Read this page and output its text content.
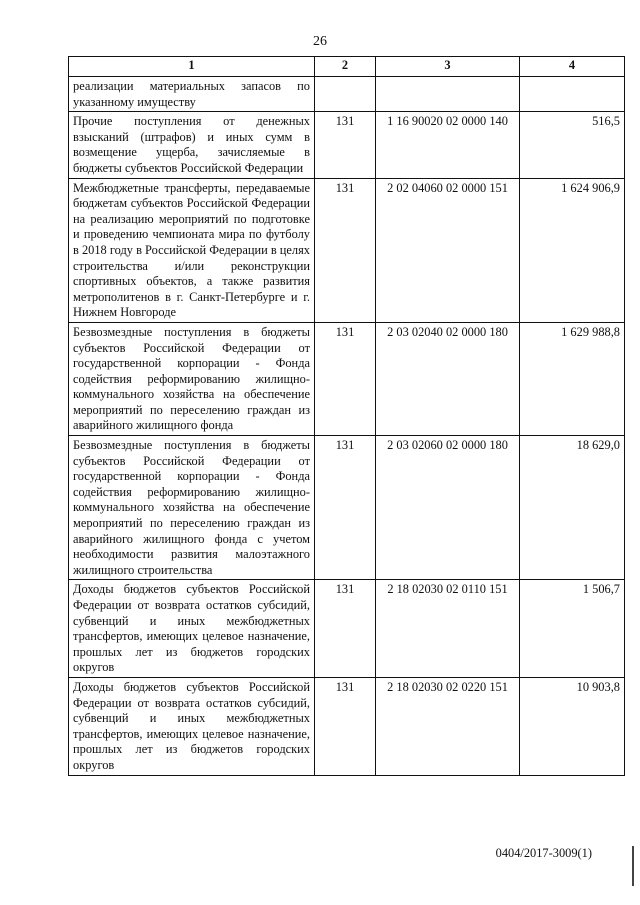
26
1	2	3	4
реализации материальных запасов по указанному имуществу			
Прочие поступления от денежных взысканий (штрафов) и иных сумм в возмещение ущерба, зачисляемые в бюджеты субъектов Российской Федерации	131	1 16 90020 02 0000 140	516,5
Межбюджетные трансферты, передаваемые бюджетам субъектов Российской Федерации на реализацию мероприятий по подготовке и проведению чемпионата мира по футболу в 2018 году в Российской Федерации в целях строительства и/или реконструкции спортивных объектов, а также развития метрополитенов в г. Санкт-Петербурге и г. Нижнем Новгороде	131	2 02 04060 02 0000 151	1 624 906,9
Безвозмездные поступления в бюджеты субъектов Российской Федерации от государственной корпорации - Фонда содействия реформированию жилищно-коммунального хозяйства на обеспечение мероприятий по переселению граждан из аварийного жилищного фонда	131	2 03 02040 02 0000 180	1 629 988,8
Безвозмездные поступления в бюджеты субъектов Российской Федерации от государственной корпорации - Фонда содействия реформированию жилищно-коммунального хозяйства на обеспечение мероприятий по переселению граждан из аварийного жилищного фонда с учетом необходимости развития малоэтажного жилищного строительства	131	2 03 02060 02 0000 180	18 629,0
Доходы бюджетов субъектов Российской Федерации от возврата остатков субсидий, субвенций и иных межбюджетных трансфертов, имеющих целевое назначение, прошлых лет из бюджетов городских округов	131	2 18 02030 02 0110 151	1 506,7
Доходы бюджетов субъектов Российской Федерации от возврата остатков субсидий, субвенций и иных межбюджетных трансфертов, имеющих целевое назначение, прошлых лет из бюджетов городских округов	131	2 18 02030 02 0220 151	10 903,8
0404/2017-3009(1)
